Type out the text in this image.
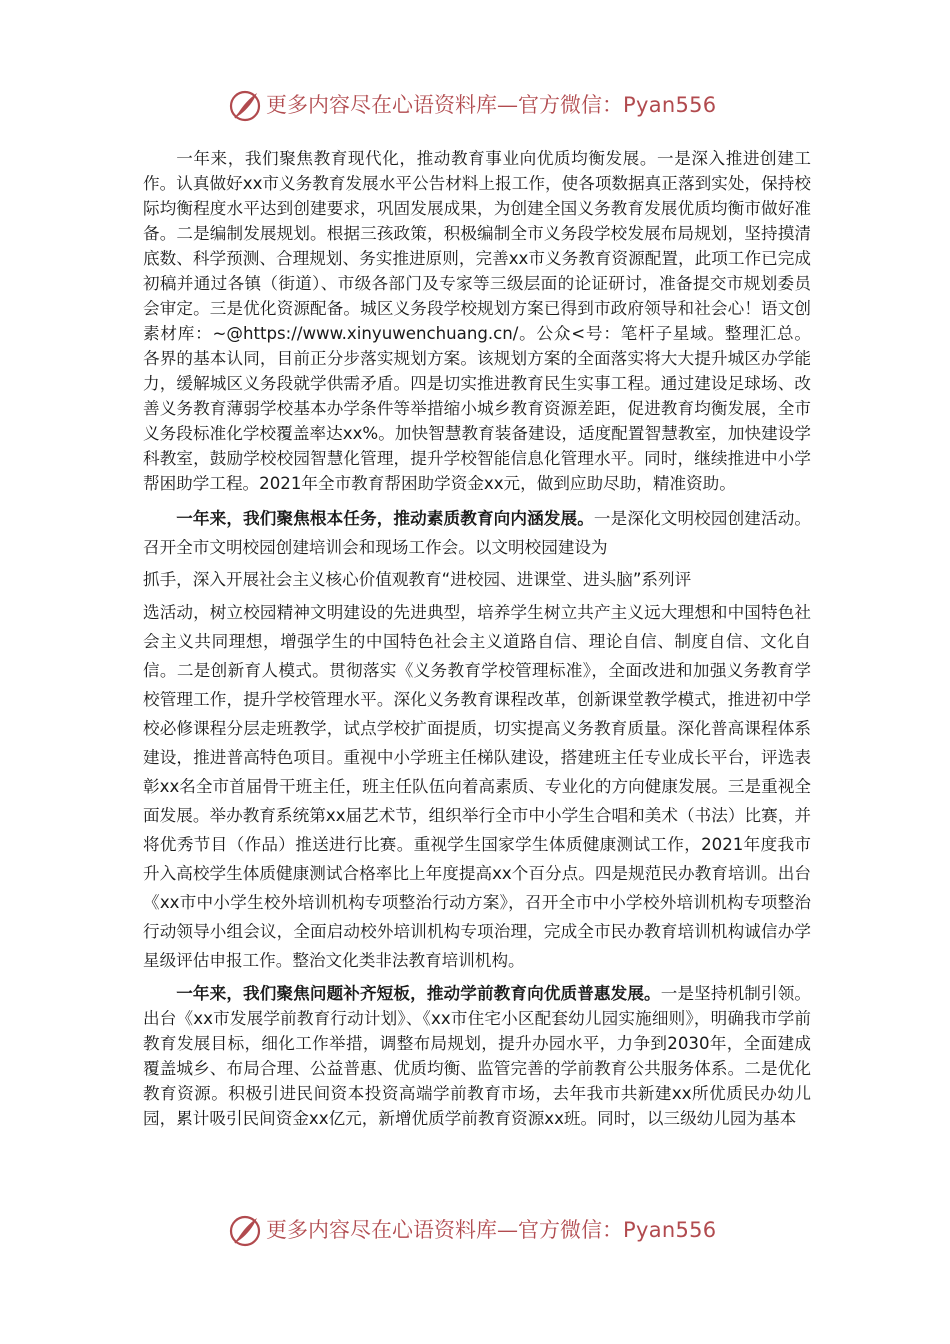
更多内容尽在心语资料库—官方微信：Pyan556

一年来，我们聚焦教育现代化，推动教育事业向优质均衡发展。一是深入推进创建工作。认真做好xx市义务教育发展水平公告材料上报工作，使各项数据真正落到实处，保持校际均衡程度水平达到创建要求，巩固发展成果，为创建全国义务教育发展优质均衡市做好准备。二是编制发展规划。根据三孩政策，积极编制全市义务段学校发展布局规划，坚持摸清底数、科学预测、合理规划、务实推进原则，完善xx市义务教育资源配置，此项工作已完成初稿并通过各镇（街道）、市级各部门及专家等三级层面的论证研讨，准备提交市规划委员会审定。三是优化资源配备。城区义务段学校规划方案已得到市政府领导和社会心！语文创素材库：~@https://www.xinyuwenchuang.cn/。公众<号：笔杆子星域。整理汇总。各界的基本认同，目前正分步落实规划方案。该规划方案的全面落实将大大提升城区办学能力，缓解城区义务段就学供需矛盾。四是切实推进教育民生实事工程。通过建设足球场、改善义务教育薄弱学校基本办学条件等举措缩小城乡教育资源差距，促进教育均衡发展，全市义务段标准化学校覆盖率达xx%。加快智慧教育装备建设，适度配置智慧教室，加快建设学科教室，鼓励学校校园智慧化管理，提升学校智能信息化管理水平。同时，继续推进中小学帮困助学工程。2021年全市教育帮困助学资金xx元，做到应助尽助，精准资助。

一年来，我们聚焦根本任务，推动素质教育向内涵发展。一是深化文明校园创建活动。召开全市文明校园创建培训会和现场工作会。以文明校园建设为
抓手，深入开展社会主义核心价值观教育“进校园、进课堂、进头脑”系列评
选活动，树立校园精神文明建设的先进典型，培养学生树立共产主义远大理想和中国特色社会主义共同理想，增强学生的中国特色社会主义道路自信、理论自信、制度自信、文化自信。二是创新育人模式。贯彻落实《义务教育学校管理标准》，全面改进和加强义务教育学校管理工作，提升学校管理水平。深化义务教育课程改革，创新课堂教学模式，推进初中学校必修课程分层走班教学，试点学校扩面提质，切实提高义务教育质量。深化普高课程体系建设，推进普高特色项目。重视中小学班主任梯队建设，搭建班主任专业成长平台，评选表彰xx名全市首届骨干班主任，班主任队伍向着高素质、专业化的方向健康发展。三是重视全面发展。举办教育系统第xx届艺术节，组织举行全市中小学生合唱和美术（书法）比赛，并将优秀节目（作品）推送进行比赛。重视学生国家学生体质健康测试工作，2021年度我市升入高校学生体质健康测试合格率比上年度提高xx个百分点。四是规范民办教育培训。出台《xx市中小学生校外培训机构专项整治行动方案》，召开全市中小学校外培训机构专项整治行动领导小组会议，全面启动校外培训机构专项治理，完成全市民办教育培训机构诚信办学星级评估申报工作。整治文化类非法教育培训机构。

一年来，我们聚焦问题补齐短板，推动学前教育向优质普惠发展。一是坚持机制引领。出台《xx市发展学前教育行动计划》、《xx市住宅小区配套幼儿园实施细则》，明确我市学前教育发展目标，细化工作举措，调整布局规划，提升办园水平，力争到2030年，全面建成覆盖城乡、布局合理、公益普惠、优质均衡、监管完善的学前教育公共服务体系。二是优化教育资源。积极引进民间资本投资高端学前教育市场，去年我市共新建xx所优质民办幼儿园，累计吸引民间资金xx亿元，新增优质学前教育资源xx班。同时，以三级幼儿园为基本

更多内容尽在心语资料库—官方微信：Pyan556
